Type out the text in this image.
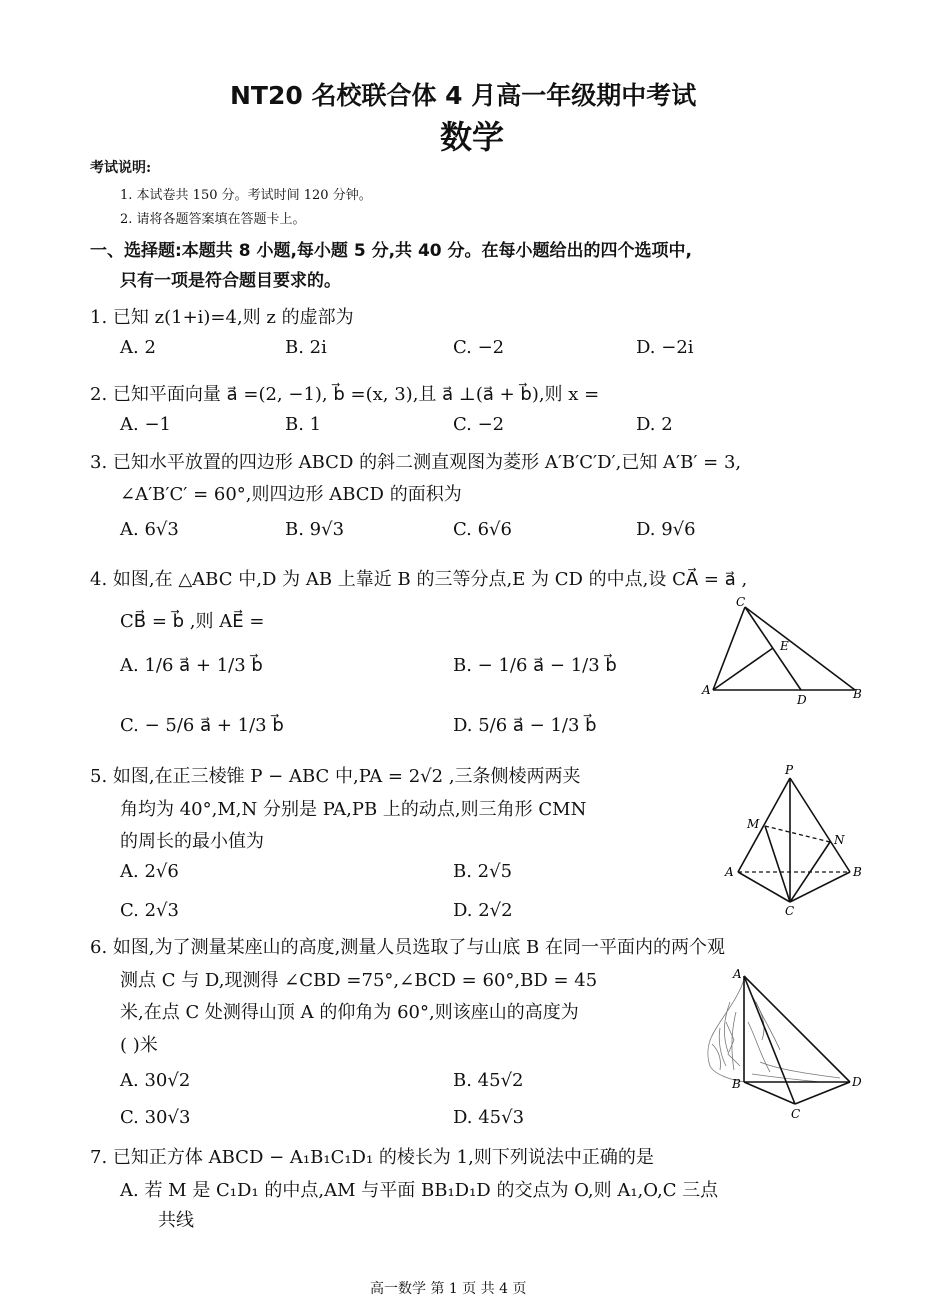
NT20 名校联合体 4 月高一年级期中考试
数学
考试说明:
1. 本试卷共 150 分。考试时间 120 分钟。
2. 请将各题答案填在答题卡上。
一、选择题:本题共 8 小题,每小题 5 分,共 40 分。在每小题给出的四个选项中,
只有一项是符合题目要求的。
1. 已知 z(1+i)=4,则 z 的虚部为
A. 2	B. 2i	C. −2	D. −2i
2. 已知平面向量 a⃗ =(2, −1), b⃗ =(x, 3),且 a⃗ ⊥(a⃗ + b⃗),则 x =
A. −1	B. 1	C. −2	D. 2
3. 已知水平放置的四边形 ABCD 的斜二测直观图为菱形 A′B′C′D′,已知 A′B′ = 3,
∠A′B′C′ = 60°,则四边形 ABCD 的面积为
A. 6√3	B. 9√3	C. 6√6	D. 9√6
4. 如图,在 △ABC 中,D 为 AB 上靠近 B 的三等分点,E 为 CD 的中点,设 CA⃗ = a⃗ ,
CB⃗ = b⃗ ,则 AE⃗ =
A. 1/6 a⃗ + 1/3 b⃗	B. − 1/6 a⃗ − 1/3 b⃗
C. − 5/6 a⃗ + 1/3 b⃗	D. 5/6 a⃗ − 1/3 b⃗
C
E
A
D	B
5. 如图,在正三棱锥 P − ABC 中,PA = 2√2 ,三条侧棱两两夹
角均为 40°,M,N 分别是 PA,PB 上的动点,则三角形 CMN
的周长的最小值为
A. 2√6	B. 2√5
C. 2√3	D. 2√2
P
M
N
A	B
C
6. 如图,为了测量某座山的高度,测量人员选取了与山底 B 在同一平面内的两个观
测点 C 与 D,现测得 ∠CBD =75°,∠BCD = 60°,BD = 45
米,在点 C 处测得山顶 A 的仰角为 60°,则该座山的高度为
( )米
A. 30√2	B. 45√2
C. 30√3	D. 45√3
A
B	D
C
7. 已知正方体 ABCD − A₁B₁C₁D₁ 的棱长为 1,则下列说法中正确的是
A. 若 M 是 C₁D₁ 的中点,AM 与平面 BB₁D₁D 的交点为 O,则 A₁,O,C 三点
共线
高一数学 第 1 页 共 4 页
